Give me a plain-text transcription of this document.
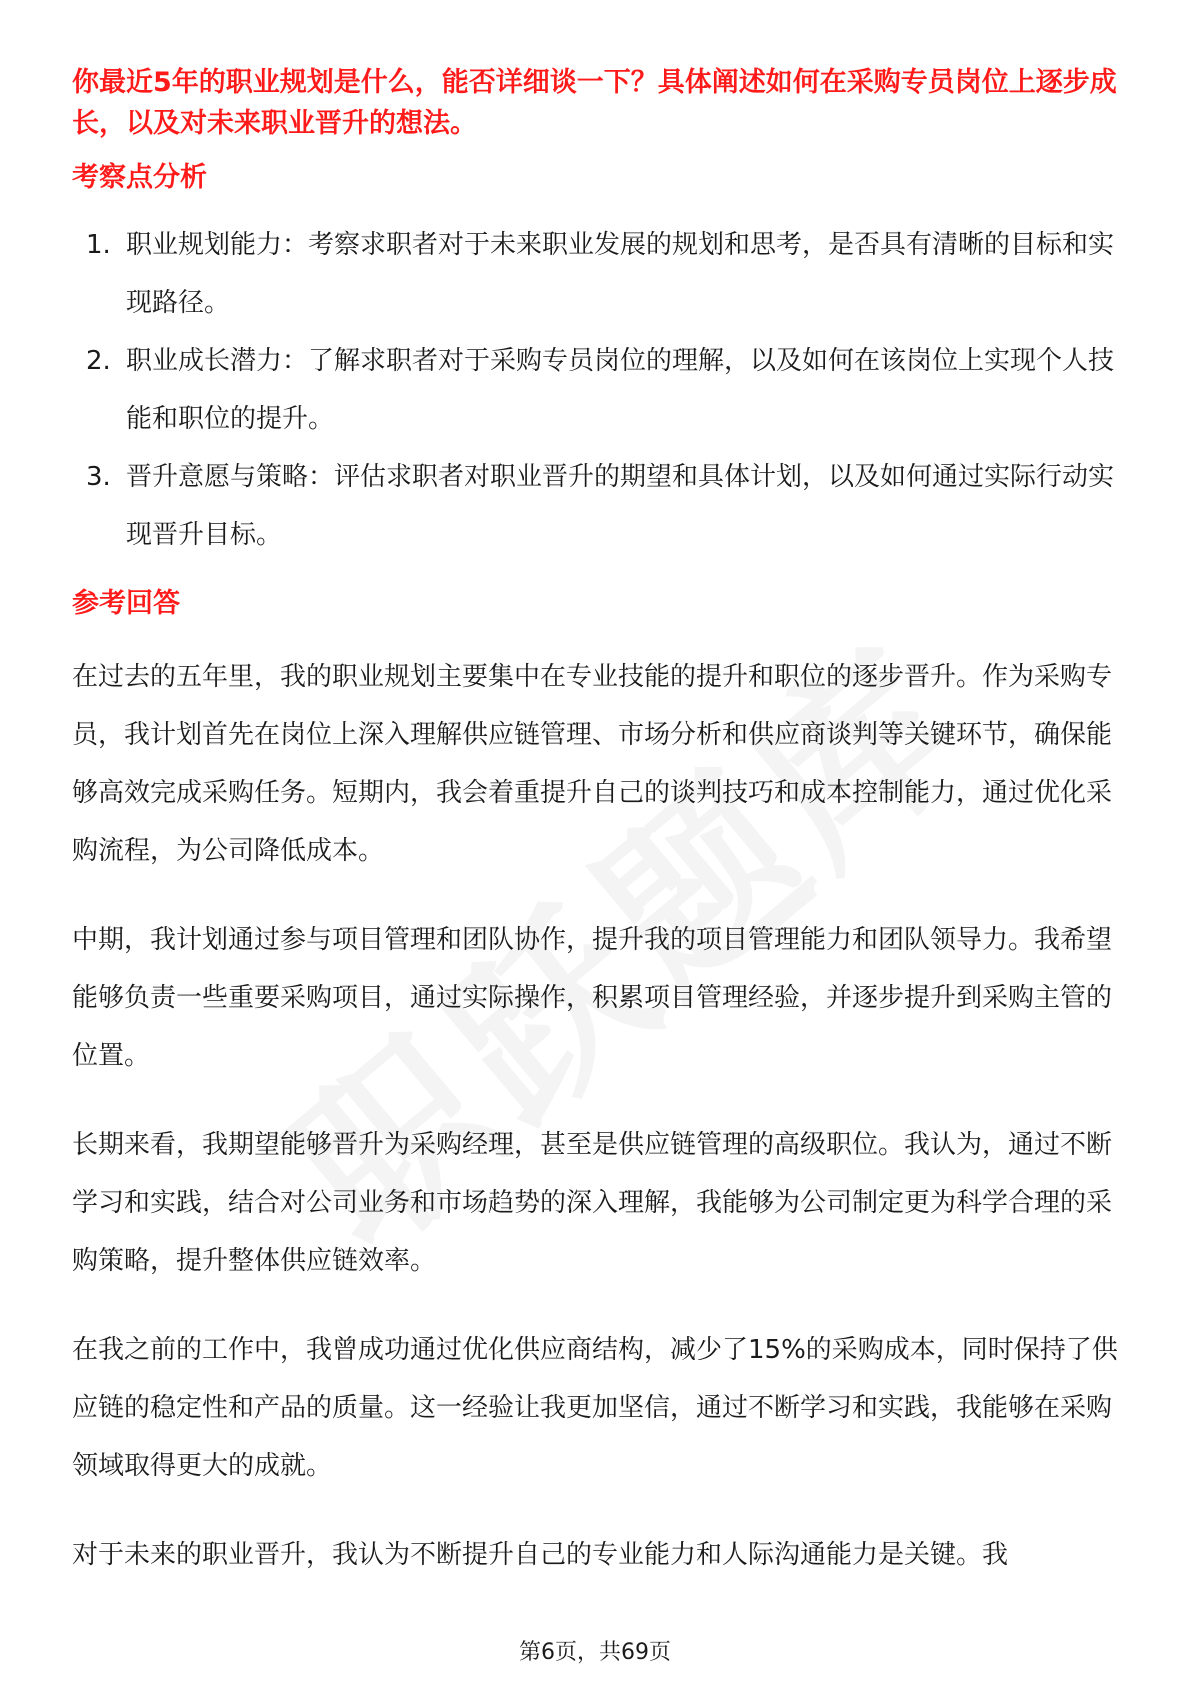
你最近5年的职业规划是什么，能否详细谈一下？具体阐述如何在采购专员岗位上逐步成长，以及对未来职业晋升的想法。

考察点分析

1. 职业规划能力：考察求职者对于未来职业发展的规划和思考，是否具有清晰的目标和实现路径。
2. 职业成长潜力：了解求职者对于采购专员岗位的理解，以及如何在该岗位上实现个人技能和职位的提升。
3. 晋升意愿与策略：评估求职者对职业晋升的期望和具体计划，以及如何通过实际行动实现晋升目标。

参考回答

在过去的五年里，我的职业规划主要集中在专业技能的提升和职位的逐步晋升。作为采购专员，我计划首先在岗位上深入理解供应链管理、市场分析和供应商谈判等关键环节，确保能够高效完成采购任务。短期内，我会着重提升自己的谈判技巧和成本控制能力，通过优化采购流程，为公司降低成本。

中期，我计划通过参与项目管理和团队协作，提升我的项目管理能力和团队领导力。我希望能够负责一些重要采购项目，通过实际操作，积累项目管理经验，并逐步提升到采购主管的位置。

长期来看，我期望能够晋升为采购经理，甚至是供应链管理的高级职位。我认为，通过不断学习和实践，结合对公司业务和市场趋势的深入理解，我能够为公司制定更为科学合理的采购策略，提升整体供应链效率。

在我之前的工作中，我曾成功通过优化供应商结构，减少了15%的采购成本，同时保持了供应链的稳定性和产品的质量。这一经验让我更加坚信，通过不断学习和实践，我能够在采购领域取得更大的成就。

对于未来的职业晋升，我认为不断提升自己的专业能力和人际沟通能力是关键。我

第6页，共69页
